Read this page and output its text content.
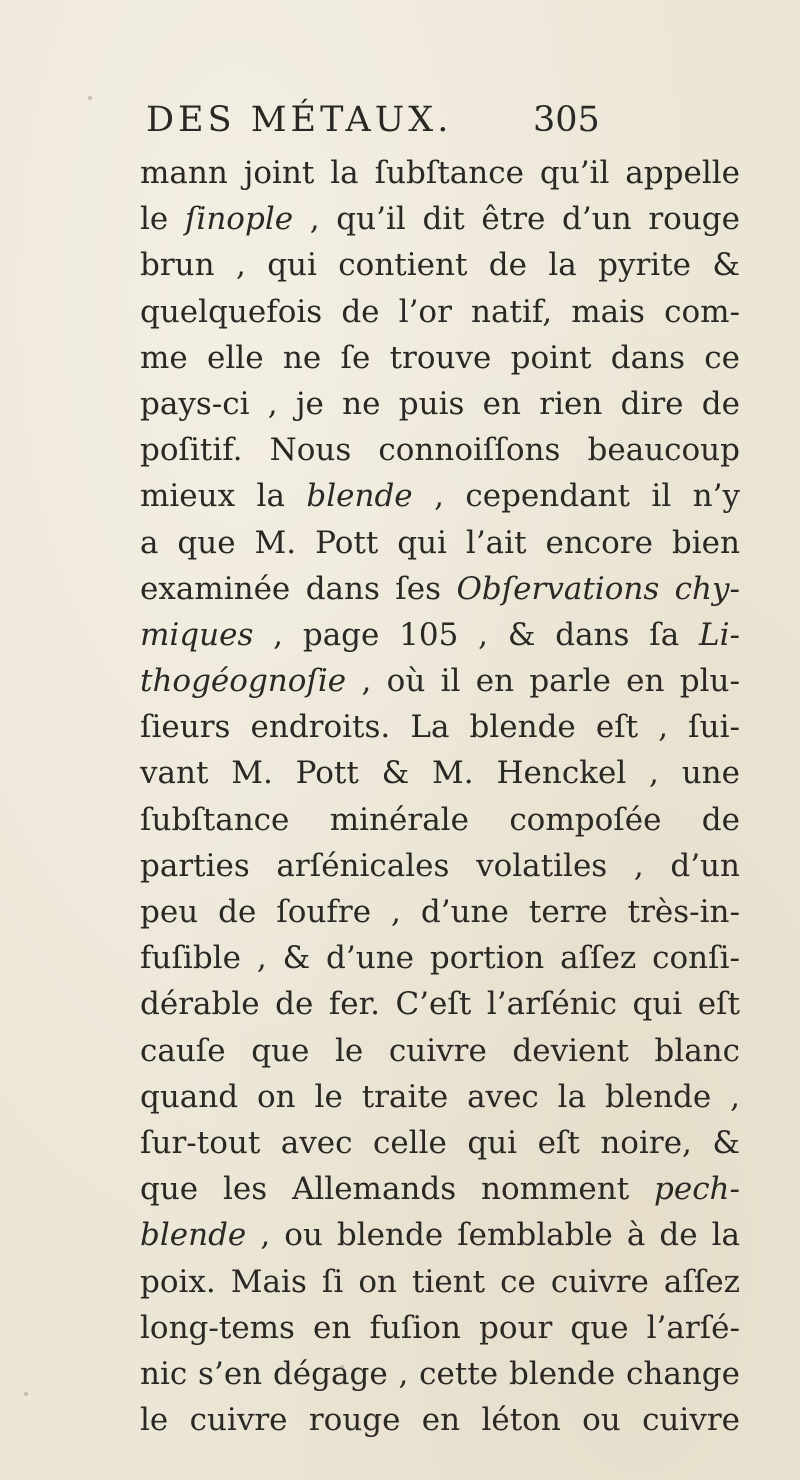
DES MÉTAUX. 305
mann joint la ſubſtance qu’il appelle
le ſinople , qu’il dit être d’un rouge
brun , qui contient de la pyrite &
quelquefois de l’or natif, mais com-
me elle ne ſe trouve point dans ce
pays-ci , je ne puis en rien dire de
poſitif. Nous connoiſſons beaucoup
mieux la blende , cependant il n’y
a que M. Pott qui l’ait encore bien
examinée dans ſes Obſervations chy-
miques , page 105 , & dans ſa Li-
thogéognoſie , où il en parle en plu-
ſieurs endroits. La blende eſt , ſui-
vant M. Pott & M. Henckel , une
ſubſtance minérale compoſée de
parties arſénicales volatiles , d’un
peu de ſoufre , d’une terre très-in-
fuſible , & d’une portion aſſez conſi-
dérable de fer. C’eſt l’arſénic qui eſt
cauſe que le cuivre devient blanc
quand on le traite avec la blende ,
ſur-tout avec celle qui eſt noire, &
que les Allemands nomment pech-
blende , ou blende ſemblable à de la
poix. Mais ſi on tient ce cuivre aſſez
long-tems en fuſion pour que l’arſé-
nic s’en dégage , cette blende change
le cuivre rouge en léton ou cuivre
